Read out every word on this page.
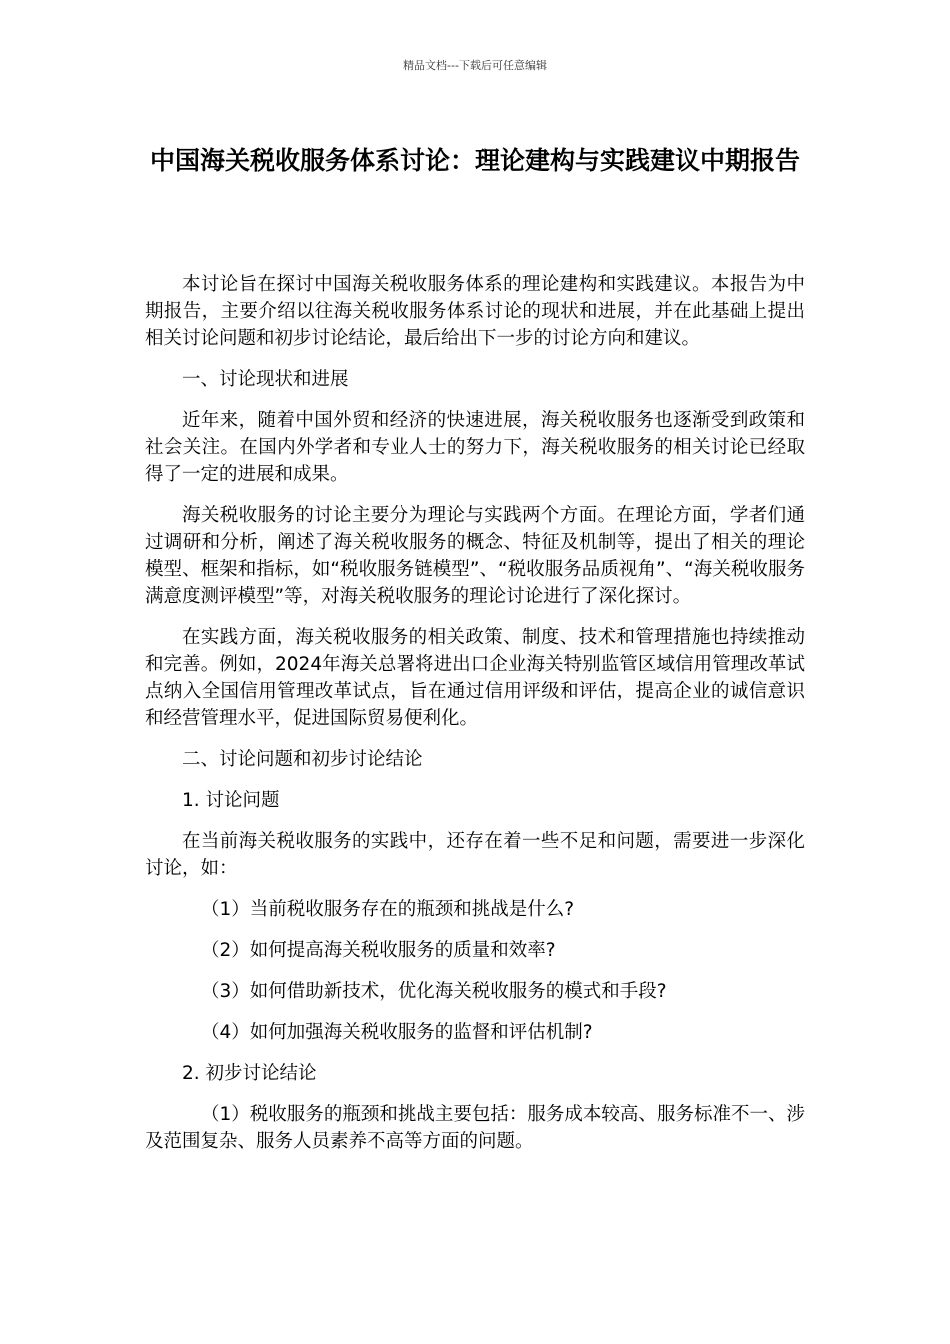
精品文档---下载后可任意编辑
中国海关税收服务体系讨论：理论建构与实践建议中期报告

本讨论旨在探讨中国海关税收服务体系的理论建构和实践建议。本报告为中期报告，主要介绍以往海关税收服务体系讨论的现状和进展，并在此基础上提出相关讨论问题和初步讨论结论，最后给出下一步的讨论方向和建议。

一、讨论现状和进展

近年来，随着中国外贸和经济的快速进展，海关税收服务也逐渐受到政策和社会关注。在国内外学者和专业人士的努力下，海关税收服务的相关讨论已经取得了一定的进展和成果。

海关税收服务的讨论主要分为理论与实践两个方面。在理论方面，学者们通过调研和分析，阐述了海关税收服务的概念、特征及机制等，提出了相关的理论模型、框架和指标，如“税收服务链模型”、“税收服务品质视角”、“海关税收服务满意度测评模型”等，对海关税收服务的理论讨论进行了深化探讨。

在实践方面，海关税收服务的相关政策、制度、技术和管理措施也持续推动和完善。例如，2024年海关总署将进出口企业海关特别监管区域信用管理改革试点纳入全国信用管理改革试点，旨在通过信用评级和评估，提高企业的诚信意识和经营管理水平，促进国际贸易便利化。

二、讨论问题和初步讨论结论

1. 讨论问题

在当前海关税收服务的实践中，还存在着一些不足和问题，需要进一步深化讨论，如：

（1）当前税收服务存在的瓶颈和挑战是什么?

（2）如何提高海关税收服务的质量和效率?

（3）如何借助新技术，优化海关税收服务的模式和手段?

（4）如何加强海关税收服务的监督和评估机制?

2. 初步讨论结论

（1）税收服务的瓶颈和挑战主要包括：服务成本较高、服务标准不一、涉及范围复杂、服务人员素养不高等方面的问题。
